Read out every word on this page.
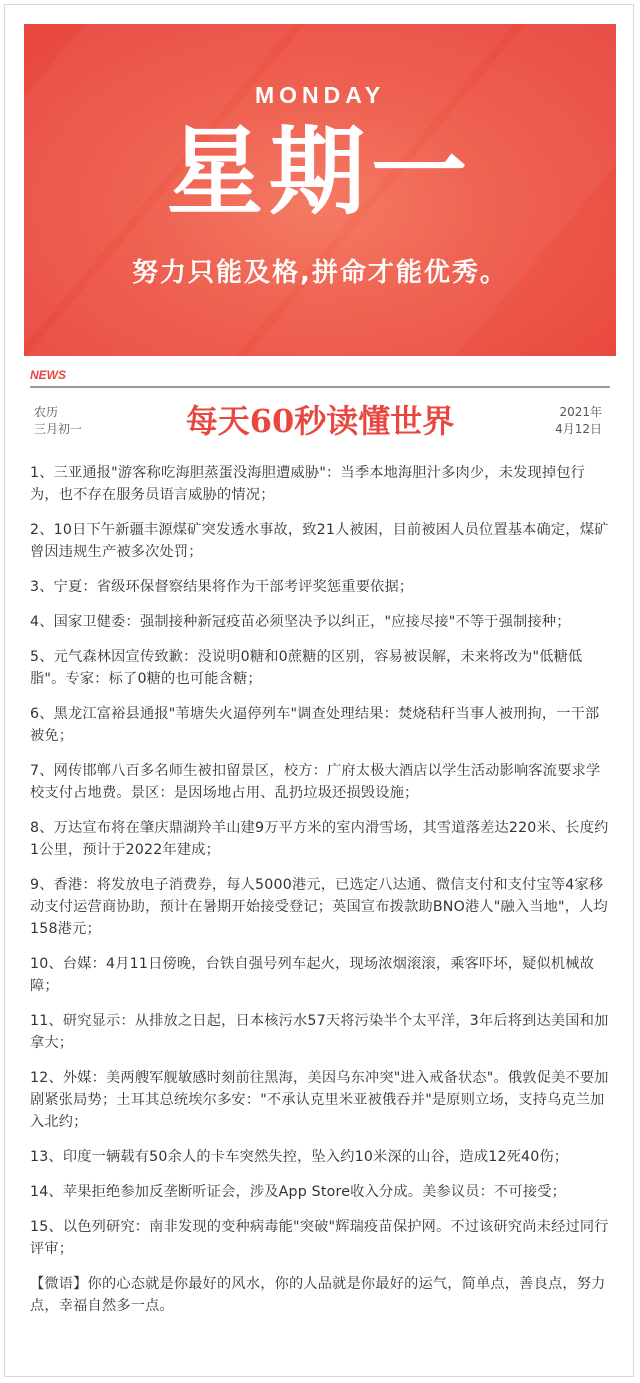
MONDAY
星期一
努力只能及格,拼命才能优秀。
NEWS
农历
三月初一	每天60秒读懂世界	2021年
4月12日

1、三亚通报"游客称吃海胆蒸蛋没海胆遭威胁"：当季本地海胆汁多肉少，未发现掉包行为，也不存在服务员语言威胁的情况；

2、10日下午新疆丰源煤矿突发透水事故，致21人被困，目前被困人员位置基本确定，煤矿曾因违规生产被多次处罚；

3、宁夏：省级环保督察结果将作为干部考评奖惩重要依据；

4、国家卫健委：强制接种新冠疫苗必须坚决予以纠正，"应接尽接"不等于强制接种；

5、元气森林因宣传致歉：没说明0糖和0蔗糖的区别，容易被误解，未来将改为"低糖低脂"。专家：标了0糖的也可能含糖；

6、黑龙江富裕县通报"苇塘失火逼停列车"调查处理结果：焚烧秸秆当事人被刑拘，一干部被免；

7、网传邯郸八百多名师生被扣留景区，校方：广府太极大酒店以学生活动影响客流要求学校支付占地费。景区：是因场地占用、乱扔垃圾还损毁设施；

8、万达宣布将在肇庆鼎湖羚羊山建9万平方米的室内滑雪场，其雪道落差达220米、长度约1公里，预计于2022年建成；

9、香港：将发放电子消费券，每人5000港元，已选定八达通、微信支付和支付宝等4家移动支付运营商协助，预计在暑期开始接受登记；英国宣布拨款助BNO港人"融入当地"，人均158港元；

10、台媒：4月11日傍晚，台铁自强号列车起火，现场浓烟滚滚，乘客吓坏，疑似机械故障；

11、研究显示：从排放之日起，日本核污水57天将污染半个太平洋，3年后将到达美国和加拿大；

12、外媒：美两艘军舰敏感时刻前往黑海，美因乌东冲突"进入戒备状态"。俄敦促美不要加剧紧张局势；土耳其总统埃尔多安："不承认克里米亚被俄吞并"是原则立场，支持乌克兰加入北约；

13、印度一辆载有50余人的卡车突然失控，坠入约10米深的山谷，造成12死40伤；

14、苹果拒绝参加反垄断听证会，涉及App Store收入分成。美参议员：不可接受；

15、以色列研究：南非发现的变种病毒能"突破"辉瑞疫苗保护网。不过该研究尚未经过同行评审；

【微语】你的心态就是你最好的风水，你的人品就是你最好的运气，简单点，善良点，努力点，幸福自然多一点。
